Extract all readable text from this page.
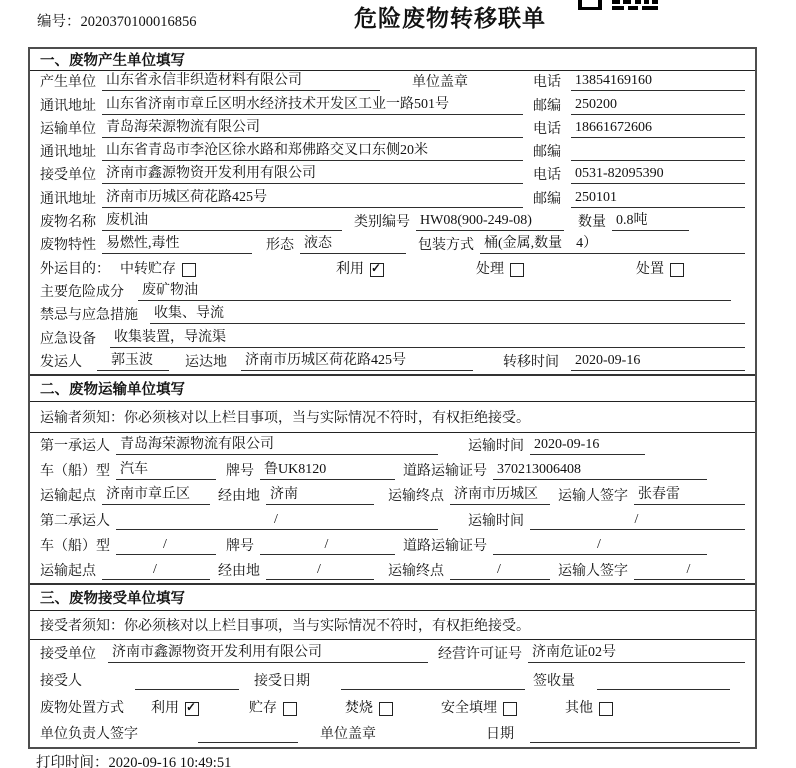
编号：2020370100016856	危险废物转移联单
一、废物产生单位填写
产生单位 山东省永信非织造材料有限公司	单位盖章	电话 13854169160
通讯地址 山东省济南市章丘区明水经济技术开发区工业一路501号	邮编 250200
运输单位 青岛海荣源物流有限公司	电话 18661672606
通讯地址 山东省青岛市李沧区徐水路和郑佛路交叉口东侧20米	邮编
接受单位 济南市鑫源物资开发利用有限公司	电话 0531-82095390
通讯地址 济南市历城区荷花路425号	邮编 250101
废物名称 废机油	类别编号 HW08(900-249-08)	数量 0.8吨
废物特性 易燃性,毒性	形态 液态	包装方式 桶(金属,数量　4）
外运目的： 中转贮存	利用 ✓	处理	处置
主要危险成分 废矿物油
禁忌与应急措施 收集、导流
应急设备 收集装置，导流渠
发运人	郭玉波	运达地 济南市历城区荷花路425号	转移时间 2020-09-16
二、废物运输单位填写
运输者须知：你必须核对以上栏目事项，当与实际情况不符时，有权拒绝接受。
第一承运人 青岛海荣源物流有限公司	运输时间 2020-09-16
车（船）型 汽车	牌号 鲁UK8120	道路运输证号 370213006408
运输起点 济南市章丘区	经由地 济南	运输终点 济南市历城区	运输人签字 张春雷
第二承运人	/	运输时间	/
车（船）型	/	牌号	/	道路运输证号	/
运输起点	/	经由地	/	运输终点	/	运输人签字	/
三、废物接受单位填写
接受者须知：你必须核对以上栏目事项，当与实际情况不符时，有权拒绝接受。
接受单位 济南市鑫源物资开发利用有限公司	经营许可证号 济南危证02号
接受人	接受日期	签收量
废物处置方式 利用 ✓	贮存	焚烧	安全填埋	其他
单位负责人签字	单位盖章	日期
打印时间：2020-09-16 10:49:51
